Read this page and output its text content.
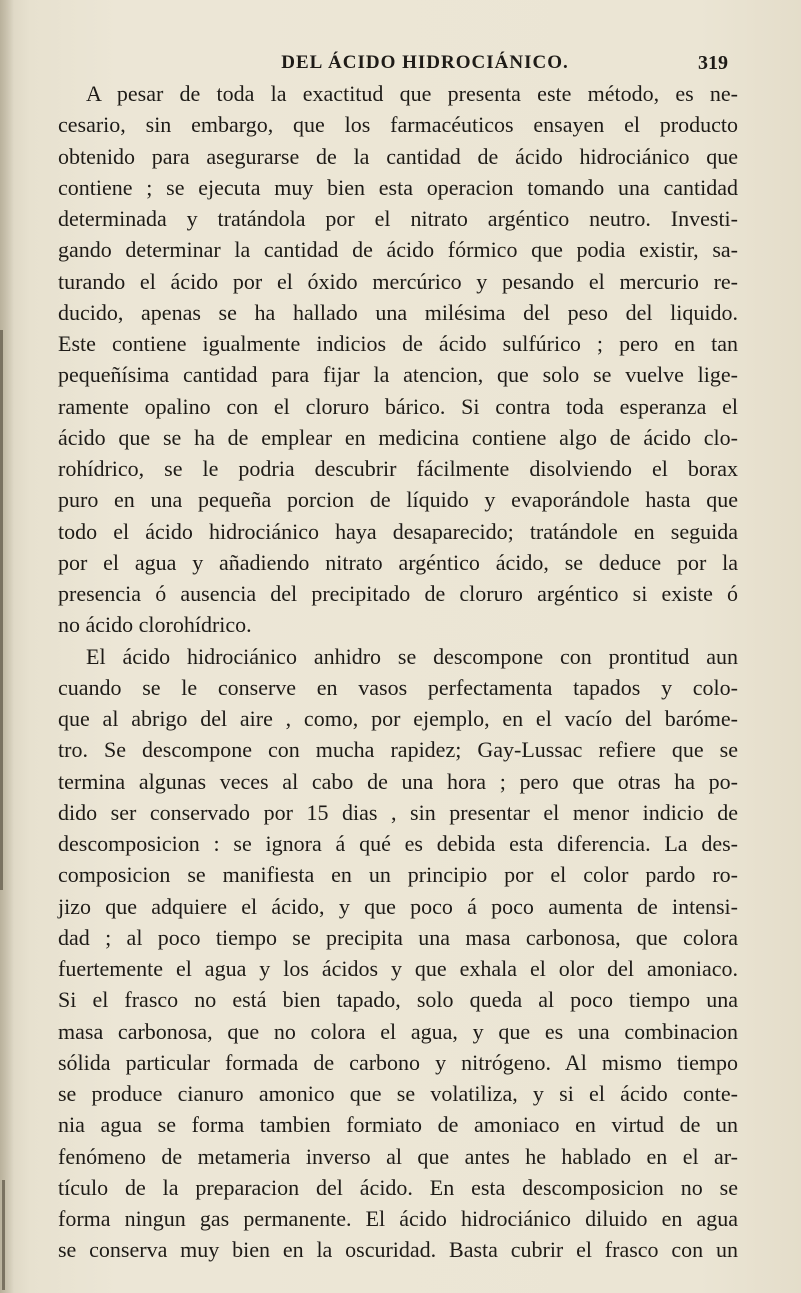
DEL ÁCIDO HIDROCIÁNICO.	319
A pesar de toda la exactitud que presenta este método, es ne-
cesario, sin embargo, que los farmacéuticos ensayen el producto
obtenido para asegurarse de la cantidad de ácido hidrociánico que
contiene ; se ejecuta muy bien esta operacion tomando una cantidad
determinada y tratándola por el nitrato argéntico neutro. Investi-
gando determinar la cantidad de ácido fórmico que podia existir, sa-
turando el ácido por el óxido mercúrico y pesando el mercurio re-
ducido, apenas se ha hallado una milésima del peso del liquido.
Este contiene igualmente indicios de ácido sulfúrico ; pero en tan
pequeñísima cantidad para fijar la atencion, que solo se vuelve lige-
ramente opalino con el cloruro bárico. Si contra toda esperanza el
ácido que se ha de emplear en medicina contiene algo de ácido clo-
rohídrico, se le podria descubrir fácilmente disolviendo el borax
puro en una pequeña porcion de líquido y evaporándole hasta que
todo el ácido hidrociánico haya desaparecido; tratándole en seguida
por el agua y añadiendo nitrato argéntico ácido, se deduce por la
presencia ó ausencia del precipitado de cloruro argéntico si existe ó
no ácido clorohídrico.
El ácido hidrociánico anhidro se descompone con prontitud aun
cuando se le conserve en vasos perfectamenta tapados y colo-
que al abrigo del aire , como, por ejemplo, en el vacío del baróme-
tro. Se descompone con mucha rapidez; Gay-Lussac refiere que se
termina algunas veces al cabo de una hora ; pero que otras ha po-
dido ser conservado por 15 dias , sin presentar el menor indicio de
descomposicion : se ignora á qué es debida esta diferencia. La des-
composicion se manifiesta en un principio por el color pardo ro-
jizo que adquiere el ácido, y que poco á poco aumenta de intensi-
dad ; al poco tiempo se precipita una masa carbonosa, que colora
fuertemente el agua y los ácidos y que exhala el olor del amoniaco.
Si el frasco no está bien tapado, solo queda al poco tiempo una
masa carbonosa, que no colora el agua, y que es una combinacion
sólida particular formada de carbono y nitrógeno. Al mismo tiempo
se produce cianuro amonico que se volatiliza, y si el ácido conte-
nia agua se forma tambien formiato de amoniaco en virtud de un
fenómeno de metameria inverso al que antes he hablado en el ar-
tículo de la preparacion del ácido. En esta descomposicion no se
forma ningun gas permanente. El ácido hidrociánico diluido en agua
se conserva muy bien en la oscuridad. Basta cubrir el frasco con un
